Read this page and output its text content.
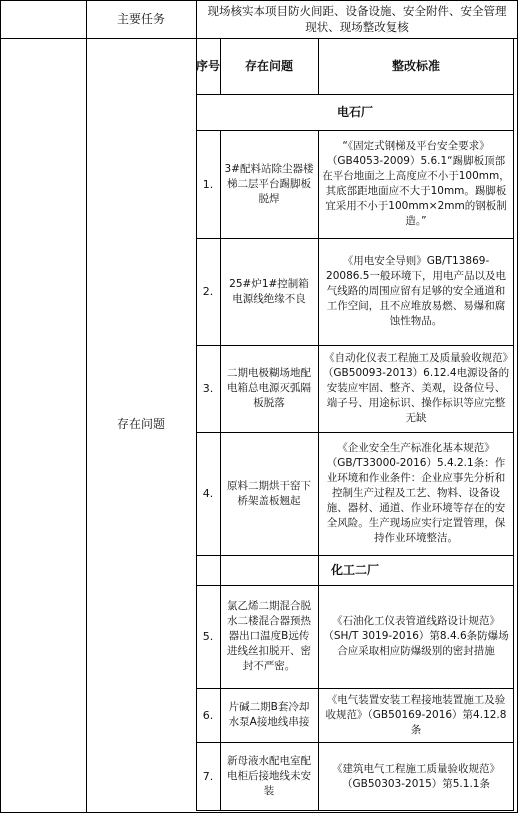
主要任务
现场核实本项目防火间距、设备设施、安全附件、安全管理现状、现场整改复核
存在问题
序号	存在问题	整改标准
电石厂
1.
3#配料站除尘器楼梯二层平台踢脚板脱焊
“《固定式钢梯及平台安全要求》（GB4053-2009）5.6.1“踢脚板顶部在平台地面之上高度应不小于100mm，其底部距地面应不大于10mm。踢脚板宜采用不小于100mm×2mm的钢板制造。”
2.
25#炉1#控制箱电源线绝缘不良
《用电安全导则》GB/T13869-20086.5一般环境下，用电产品以及电气线路的周围应留有足够的安全通道和工作空间，且不应堆放易燃、易爆和腐蚀性物品。
3.
二期电极糊场地配电箱总电源灭弧隔板脱落
《自动化仪表工程施工及质量验收规范》（GB50093-2013）6.12.4电源设备的安装应牢固、整齐、美观，设备位号、端子号、用途标识、操作标识等应完整无缺
4.
原料二期烘干窑下桥架盖板翘起
《企业安全生产标准化基本规范》（GB/T33000-2016）5.4.2.1条：作业环境和作业条件：企业应事先分析和控制生产过程及工艺、物料、设备设施、器材、通道、作业环境等存在的安全风险。生产现场应实行定置管理，保持作业环境整洁。
化工二厂
5.
氯乙烯二期混合脱水二楼混合器预热器出口温度B远传进线丝扣脱开、密封不严密。
《石油化工仪表管道线路设计规范》（SH/T 3019-2016）第8.4.6条防爆场合应采取相应防爆级别的密封措施
6.
片碱二期B套冷却水泵A接地线串接
《电气装置安装工程接地装置施工及验收规范》（GB50169-2016）第4.12.8条
7.
新母液水配电室配电柜后接地线未安装
《建筑电气工程施工质量验收规范》（GB50303-2015）第5.1.1条
